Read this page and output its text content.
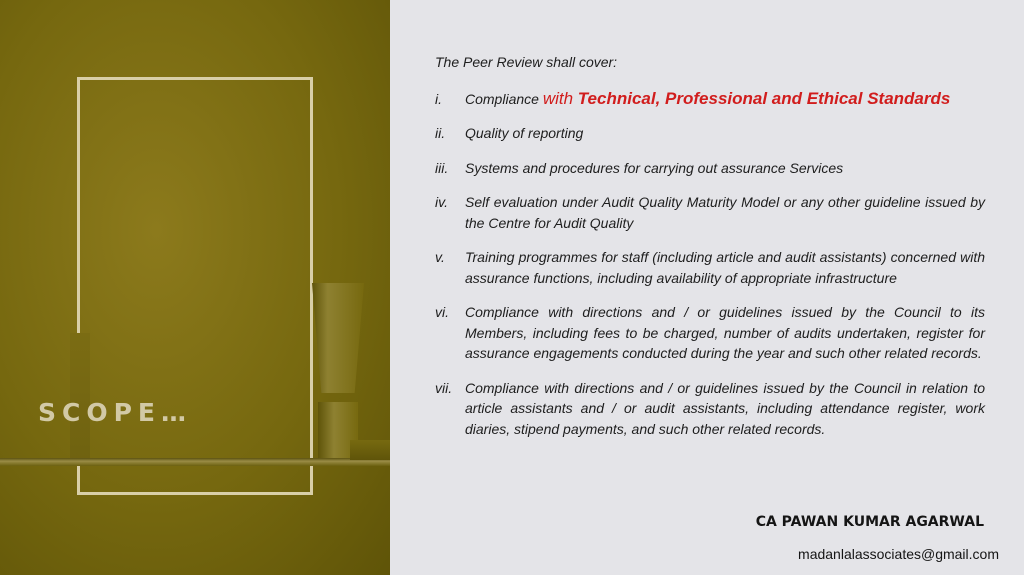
SCOPE…

The Peer Review shall cover:

i.	Compliance with Technical, Professional and Ethical Standards
ii.	Quality of reporting
iii.	Systems and procedures for carrying out assurance Services
iv.	Self evaluation under Audit Quality Maturity Model or any other guideline issued by the Centre for Audit Quality
v.	Training programmes for staff (including article and audit assistants) concerned with assurance functions, including availability of appropriate infrastructure
vi.	Compliance with directions and / or guidelines issued by the Council to its Members, including fees to be charged, number of audits undertaken, register for assurance engagements conducted during the year and such other related records.
vii. Compliance with directions and / or guidelines issued by the Council in relation to article assistants and / or audit assistants, including attendance register, work diaries, stipend payments, and such other related records.
CA PAWAN KUMAR AGARWAL
madanlalassociates@gmail.com
